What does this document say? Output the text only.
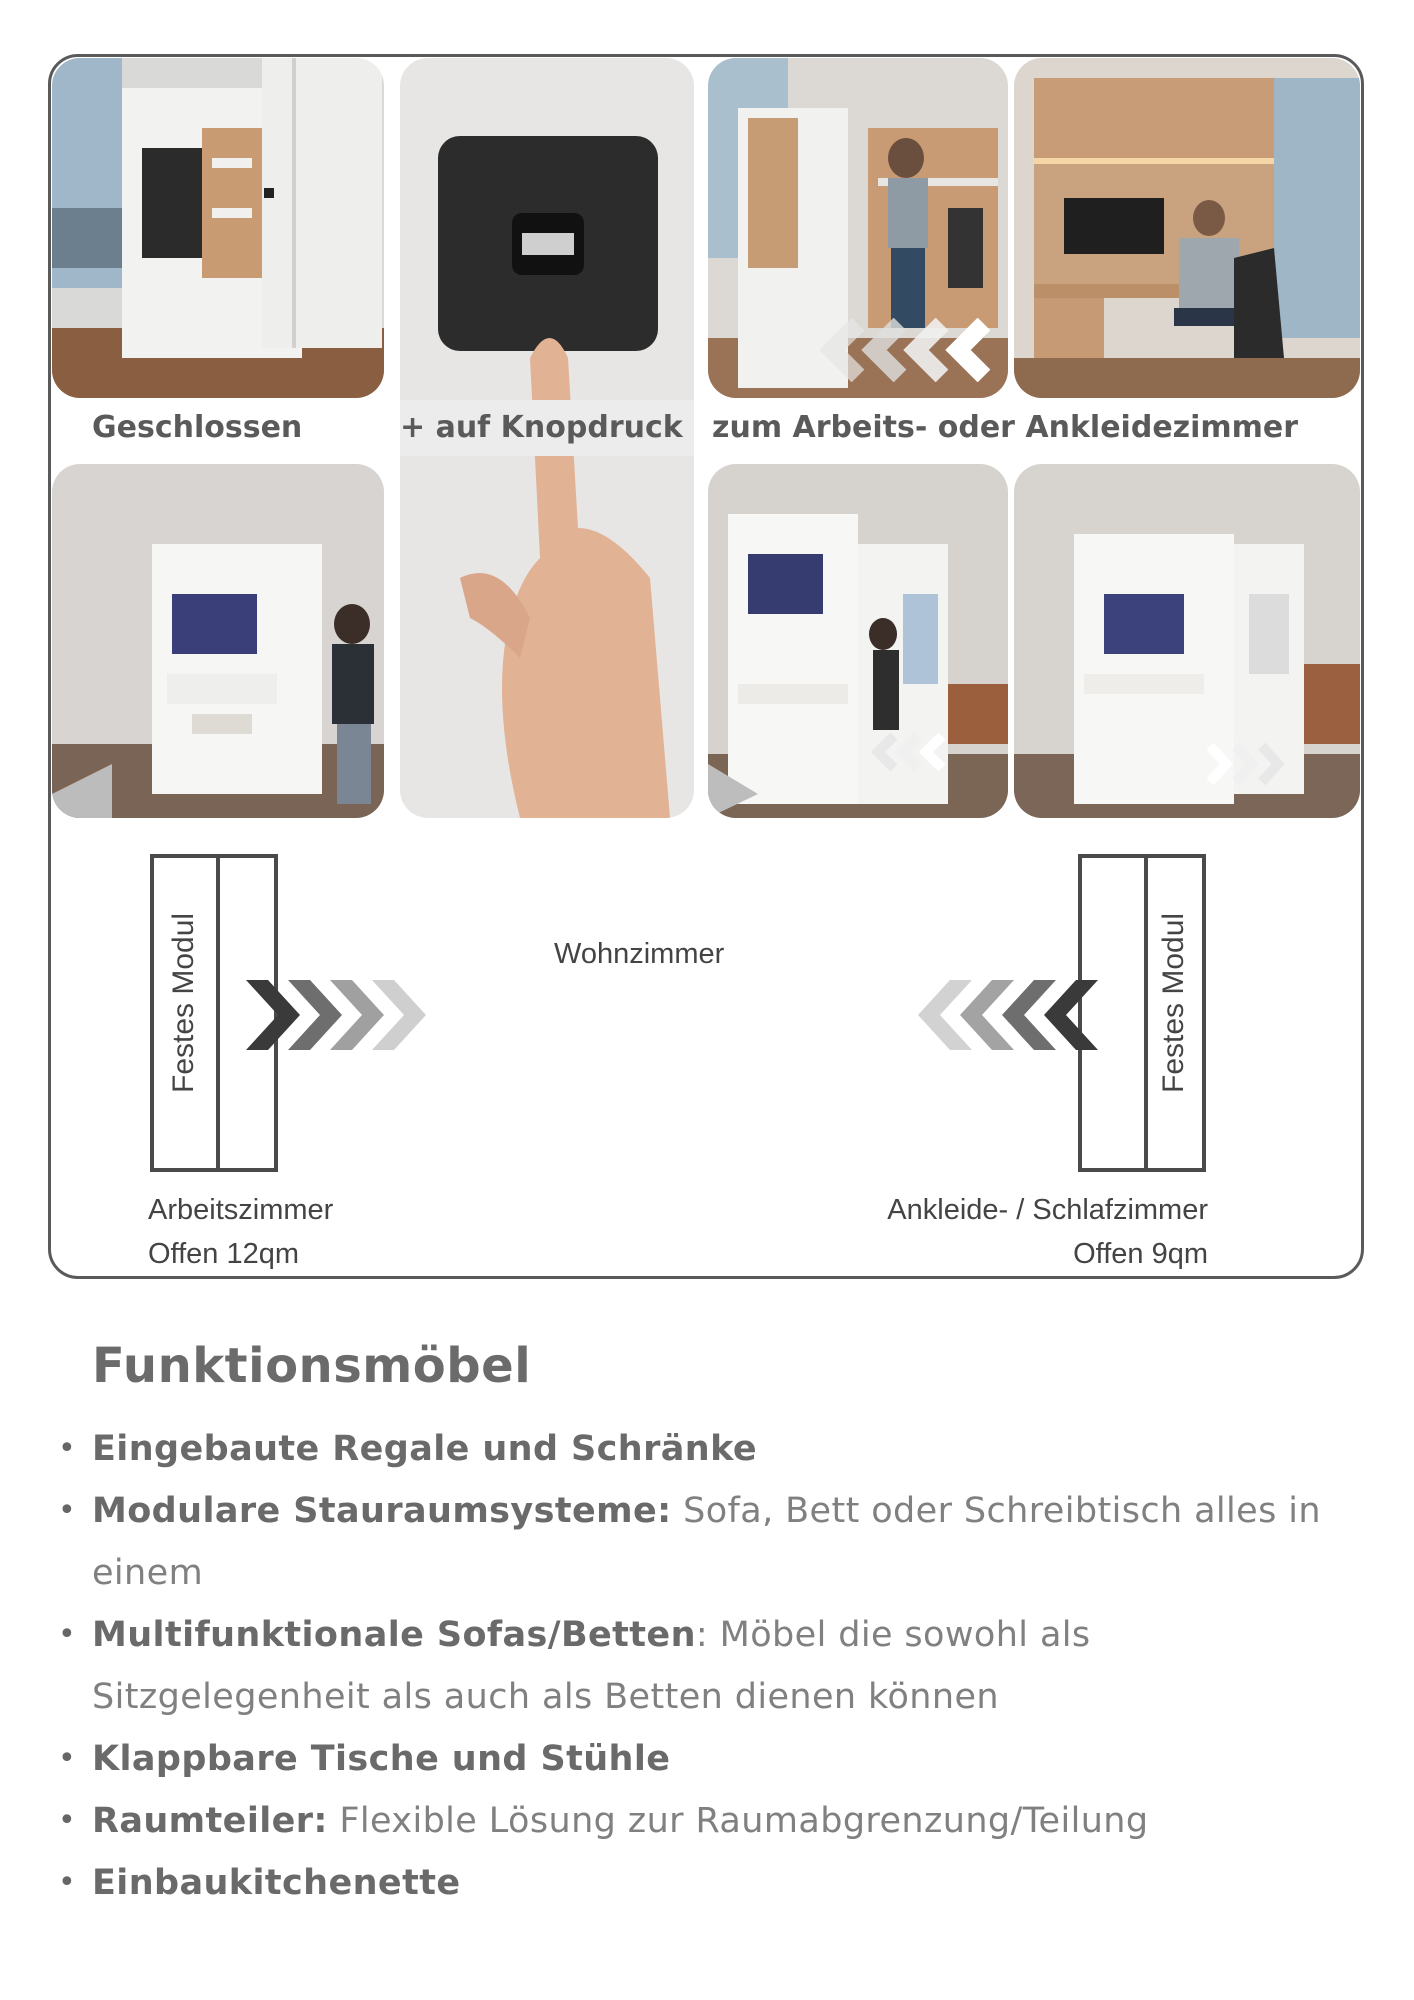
Geschlossen	+ auf Knopdruck zum Arbeits- oder Ankleidezimmer
Festes Modul	Festes Modul
Wohnzimmer
Arbeitszimmer
Offen 12qm
Ankleide- / Schlafzimmer
Offen 9qm
Funktionsmöbel
• Eingebaute Regale und Schränke
• Modulare Stauraumsysteme: Sofa, Bett oder Schreibtisch alles in einem
• Multifunktionale Sofas/Betten: Möbel die sowohl als Sitzgelegenheit als auch als Betten dienen können
• Klappbare Tische und Stühle
• Raumteiler: Flexible Lösung zur Raumabgrenzung/Teilung
• Einbaukitchenette
